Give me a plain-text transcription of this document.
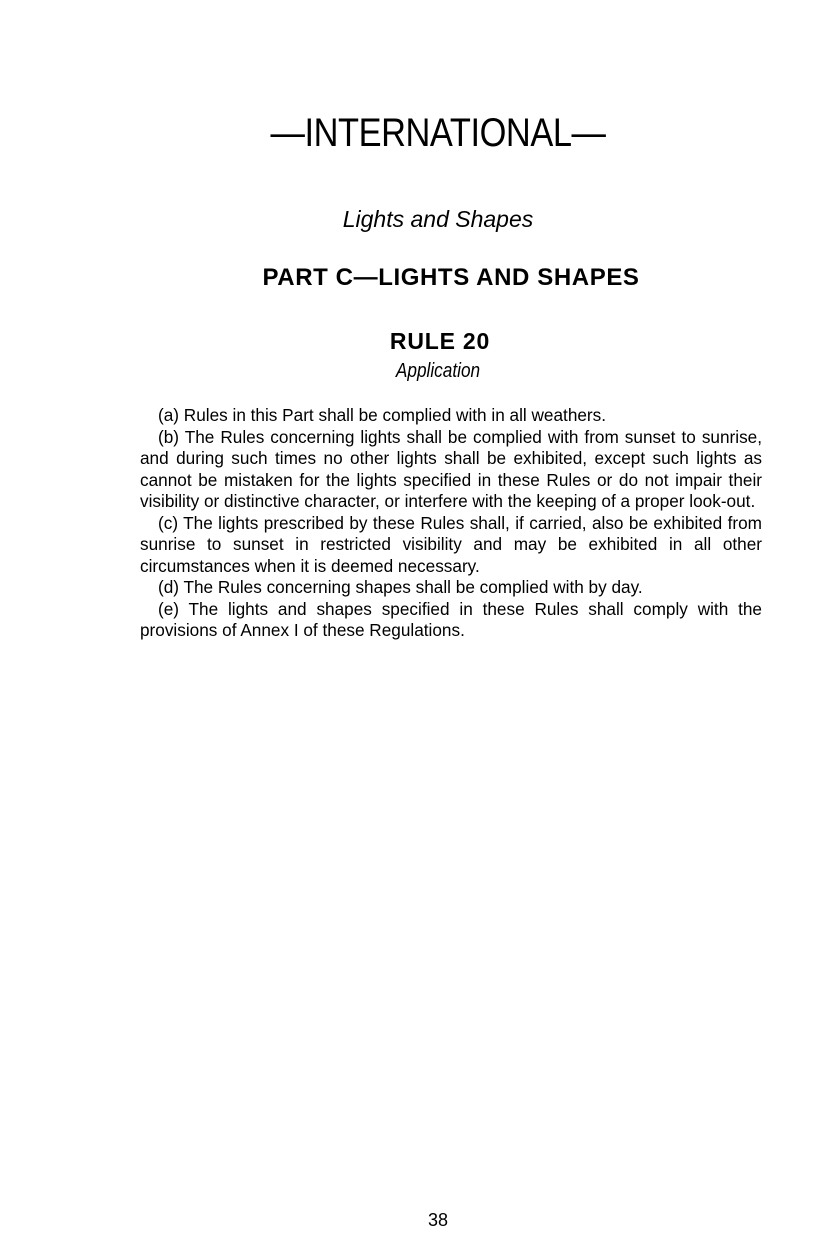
—INTERNATIONAL—
Lights and Shapes
PART C—LIGHTS AND SHAPES
RULE 20
Application

(a) Rules in this Part shall be complied with in all weathers.

(b) The Rules concerning lights shall be complied with from sunset to sunrise, and during such times no other lights shall be exhibited, except such lights as cannot be mistaken for the lights specified in these Rules or do not impair their visibility or distinctive character, or interfere with the keeping of a proper look-out.

(c) The lights prescribed by these Rules shall, if carried, also be exhibited from sunrise to sunset in restricted visibility and may be exhibited in all other circumstances when it is deemed necessary.

(d) The Rules concerning shapes shall be complied with by day.

(e) The lights and shapes specified in these Rules shall comply with the provisions of Annex I of these Regulations.

38
